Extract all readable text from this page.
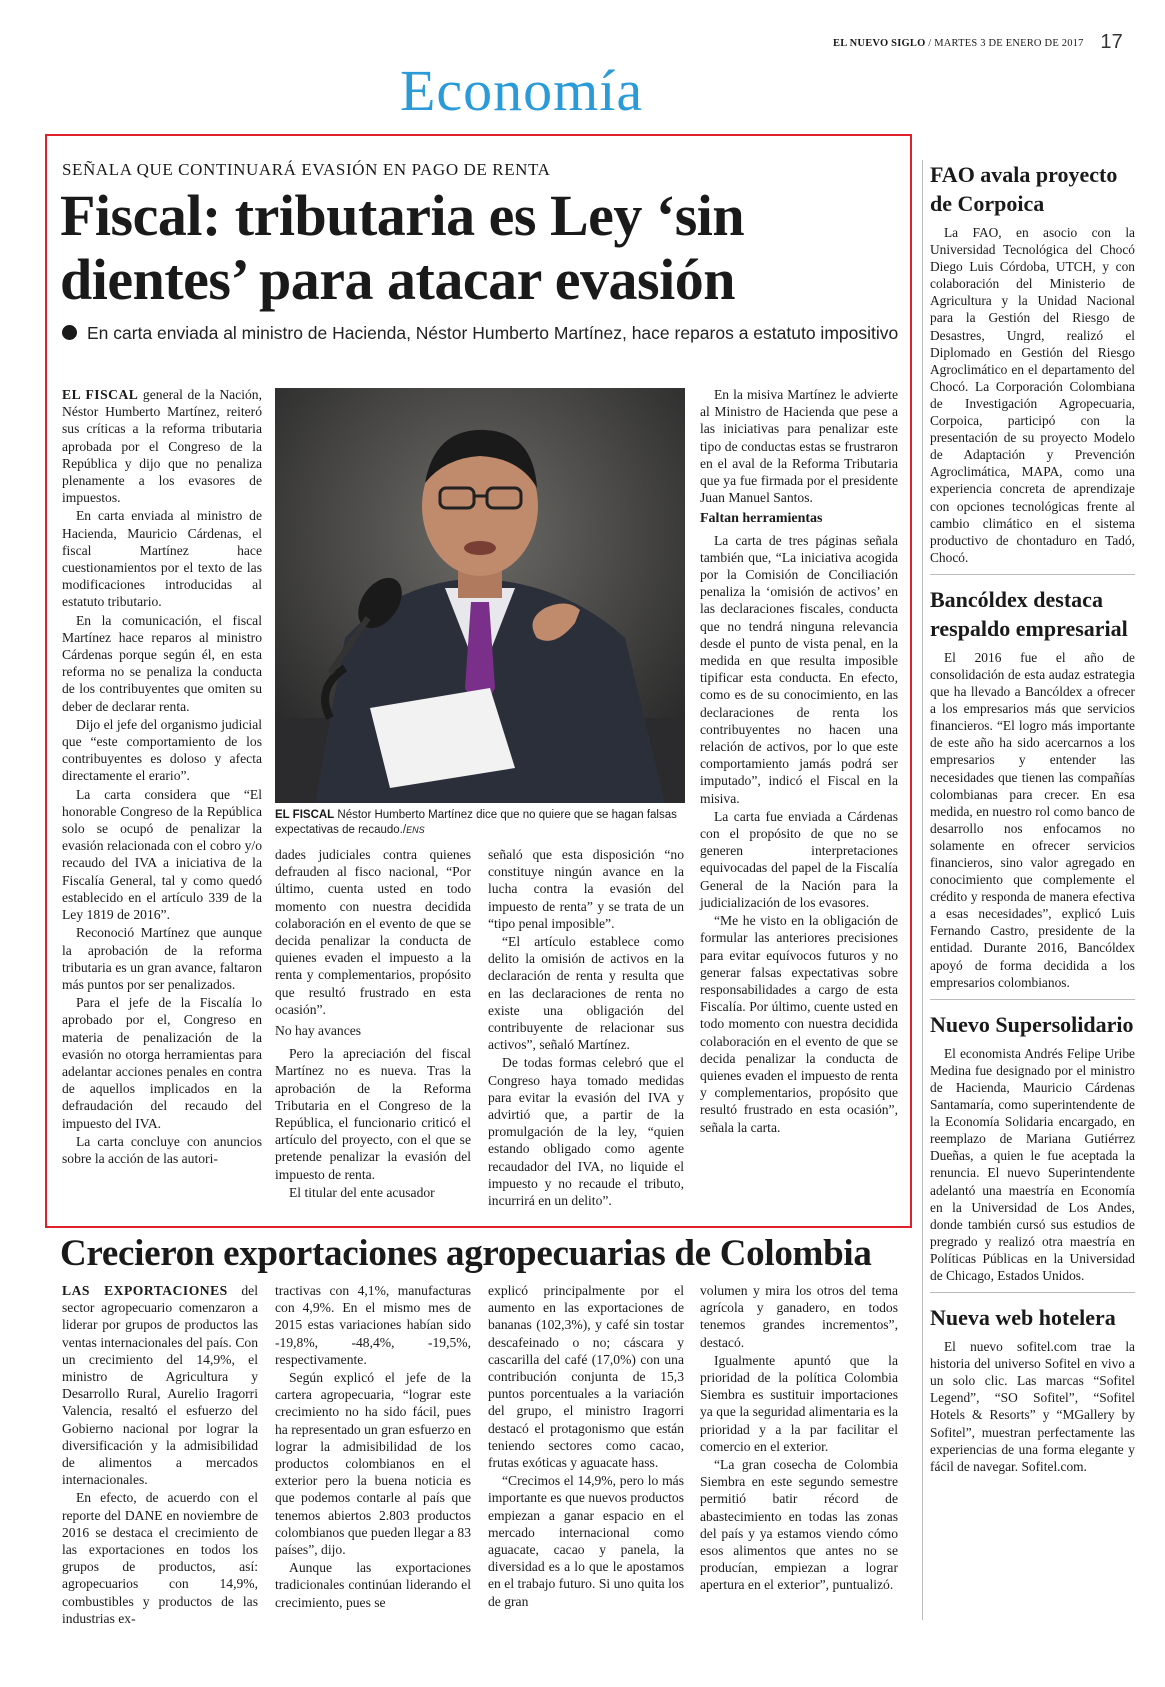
EL NUEVO SIGLO / MARTES 3 DE ENERO DE 2017 17
Economía
SEÑALA QUE CONTINUARÁ EVASIÓN EN PAGO DE RENTA
Fiscal: tributaria es Ley ‘sin dientes’ para atacar evasión
En carta enviada al ministro de Hacienda, Néstor Humberto Martínez, hace reparos a estatuto impositivo

EL FISCAL general de la Nación, Néstor Humberto Martínez, reiteró sus críticas a la reforma tributaria aprobada por el Congreso de la República y dijo que no penaliza plenamente a los evasores de impuestos.

En carta enviada al ministro de Hacienda, Mauricio Cárdenas, el fiscal Martínez hace cuestionamientos por el texto de las modificaciones introducidas al estatuto tributario.

En la comunicación, el fiscal Martínez hace reparos al ministro Cárdenas porque según él, en esta reforma no se penaliza la conducta de los contribuyentes que omiten su deber de declarar renta.

Dijo el jefe del organismo judicial que “este comportamiento de los contribuyentes es doloso y afecta directamente el erario”.

La carta considera que “El honorable Congreso de la República solo se ocupó de penalizar la evasión relacionada con el cobro y/o recaudo del IVA a iniciativa de la Fiscalía General, tal y como quedó establecido en el artículo 339 de la Ley 1819 de 2016”.

Reconoció Martínez que aunque la aprobación de la reforma tributaria es un gran avance, faltaron más puntos por ser penalizados.

Para el jefe de la Fiscalía lo aprobado por el, Congreso en materia de penalización de la evasión no otorga herramientas para adelantar acciones penales en contra de aquellos implicados en la defraudación del recaudo del impuesto del IVA.

La carta concluye con anuncios sobre la acción de las autori-

EL FISCAL Néstor Humberto Martínez dice que no quiere que se hagan falsas expectativas de recaudo./ENS

dades judiciales contra quienes defrauden al fisco nacional, “Por último, cuenta usted en todo momento con nuestra decidida colaboración en el evento de que se decida penalizar la conducta de quienes evaden el impuesto a la renta y complementarios, propósito que resultó frustrado en esta ocasión”.

No hay avances

Pero la apreciación del fiscal Martínez no es nueva. Tras la aprobación de la Reforma Tributaria en el Congreso de la República, el funcionario criticó el artículo del proyecto, con el que se pretende penalizar la evasión del impuesto de renta.

El titular del ente acusador

señaló que esta disposición “no constituye ningún avance en la lucha contra la evasión del impuesto de renta” y se trata de un “tipo penal imposible”.

“El artículo establece como delito la omisión de activos en la declaración de renta y resulta que en las declaraciones de renta no existe una obligación del contribuyente de relacionar sus activos”, señaló Martínez.

De todas formas celebró que el Congreso haya tomado medidas para evitar la evasión del IVA y advirtió que, a partir de la promulgación de la ley, “quien estando obligado como agente recaudador del IVA, no liquide el impuesto y no recaude el tributo, incurrirá en un delito”.

En la misiva Martínez le advierte al Ministro de Hacienda que pese a las iniciativas para penalizar este tipo de conductas estas se frustraron en el aval de la Reforma Tributaria que ya fue firmada por el presidente Juan Manuel Santos.

Faltan herramientas

La carta de tres páginas señala también que, “La iniciativa acogida por la Comisión de Conciliación penaliza la ‘omisión de activos’ en las declaraciones fiscales, conducta que no tendrá ninguna relevancia desde el punto de vista penal, en la medida en que resulta imposible tipificar esta conducta. En efecto, como es de su conocimiento, en las declaraciones de renta los contribuyentes no hacen una relación de activos, por lo que este comportamiento jamás podrá ser imputado”, indicó el Fiscal en la misiva.

La carta fue enviada a Cárdenas con el propósito de que no se generen interpretaciones equivocadas del papel de la Fiscalía General de la Nación para la judicialización de los evasores.

“Me he visto en la obligación de formular las anteriores precisiones para evitar equívocos futuros y no generar falsas expectativas sobre responsabilidades a cargo de esta Fiscalía. Por último, cuente usted en todo momento con nuestra decidida colaboración en el evento de que se decida penalizar la conducta de quienes evaden el impuesto de renta y complementarios, propósito que resultó frustrado en esta ocasión”, señala la carta.

FAO avala proyecto de Corpoica

La FAO, en asocio con la Universidad Tecnológica del Chocó Diego Luis Córdoba, UTCH, y con colaboración del Ministerio de Agricultura y la Unidad Nacional para la Gestión del Riesgo de Desastres, Ungrd, realizó el Diplomado en Gestión del Riesgo Agroclimático en el departamento del Chocó. La Corporación Colombiana de Investigación Agropecuaria, Corpoica, participó con la presentación de su proyecto Modelo de Adaptación y Prevención Agroclimática, MAPA, como una experiencia concreta de aprendizaje con opciones tecnológicas frente al cambio climático en el sistema productivo de chontaduro en Tadó, Chocó.

Bancóldex destaca respaldo empresarial

El 2016 fue el año de consolidación de esta audaz estrategia que ha llevado a Bancóldex a ofrecer a los empresarios más que servicios financieros. “El logro más importante de este año ha sido acercarnos a los empresarios y entender las necesidades que tienen las compañías colombianas para crecer. En esa medida, en nuestro rol como banco de desarrollo nos enfocamos no solamente en ofrecer servicios financieros, sino valor agregado en conocimiento que complemente el crédito y responda de manera efectiva a esas necesidades”, explicó Luis Fernando Castro, presidente de la entidad. Durante 2016, Bancóldex apoyó de forma decidida a los empresarios colombianos.

Nuevo Supersolidario

El economista Andrés Felipe Uribe Medina fue designado por el ministro de Hacienda, Mauricio Cárdenas Santamaría, como superintendente de la Economía Solidaria encargado, en reemplazo de Mariana Gutiérrez Dueñas, a quien le fue aceptada la renuncia. El nuevo Superintendente adelantó una maestría en Economía en la Universidad de Los Andes, donde también cursó sus estudios de pregrado y realizó otra maestría en Políticas Públicas en la Universidad de Chicago, Estados Unidos.

Nueva web hotelera

El nuevo sofitel.com trae la historia del universo Sofitel en vivo a un solo clic. Las marcas “Sofitel Legend”, “SO Sofitel”, “Sofitel Hotels & Resorts” y “MGallery by Sofitel”, muestran perfectamente las experiencias de una forma elegante y fácil de navegar. Sofitel.com.

Crecieron exportaciones agropecuarias de Colombia

LAS EXPORTACIONES del sector agropecuario comenzaron a liderar por grupos de productos las ventas internacionales del país. Con un crecimiento del 14,9%, el ministro de Agricultura y Desarrollo Rural, Aurelio Iragorri Valencia, resaltó el esfuerzo del Gobierno nacional por lograr la diversificación y la admisibilidad de alimentos a mercados internacionales.

En efecto, de acuerdo con el reporte del DANE en noviembre de 2016 se destaca el crecimiento de las exportaciones en todos los grupos de productos, así: agropecuarios con 14,9%, combustibles y productos de las industrias ex-

tractivas con 4,1%, manufacturas con 4,9%. En el mismo mes de 2015 estas variaciones habían sido -19,8%, -48,4%, -19,5%, respectivamente.

Según explicó el jefe de la cartera agropecuaria, “lograr este crecimiento no ha sido fácil, pues ha representado un gran esfuerzo en lograr la admisibilidad de los productos colombianos en el exterior pero la buena noticia es que podemos contarle al país que tenemos abiertos 2.803 productos colombianos que pueden llegar a 83 países”, dijo.

Aunque las exportaciones tradicionales continúan liderando el crecimiento, pues se

explicó principalmente por el aumento en las exportaciones de bananas (102,3%), y café sin tostar descafeinado o no; cáscara y cascarilla del café (17,0%) con una contribución conjunta de 15,3 puntos porcentuales a la variación del grupo, el ministro Iragorri destacó el protagonismo que están teniendo sectores como cacao, frutas exóticas y aguacate hass.

“Crecimos el 14,9%, pero lo más importante es que nuevos productos empiezan a ganar espacio en el mercado internacional como aguacate, cacao y panela, la diversidad es a lo que le apostamos en el trabajo futuro. Si uno quita los de gran

volumen y mira los otros del tema agrícola y ganadero, en todos tenemos grandes incrementos”, destacó.

Igualmente apuntó que la prioridad de la política Colombia Siembra es sustituir importaciones ya que la seguridad alimentaria es la prioridad y a la par facilitar el comercio en el exterior.

“La gran cosecha de Colombia Siembra en este segundo semestre permitió batir récord de abastecimiento en todas las zonas del país y ya estamos viendo cómo esos alimentos que antes no se producían, empiezan a lograr apertura en el exterior”, puntualizó.
